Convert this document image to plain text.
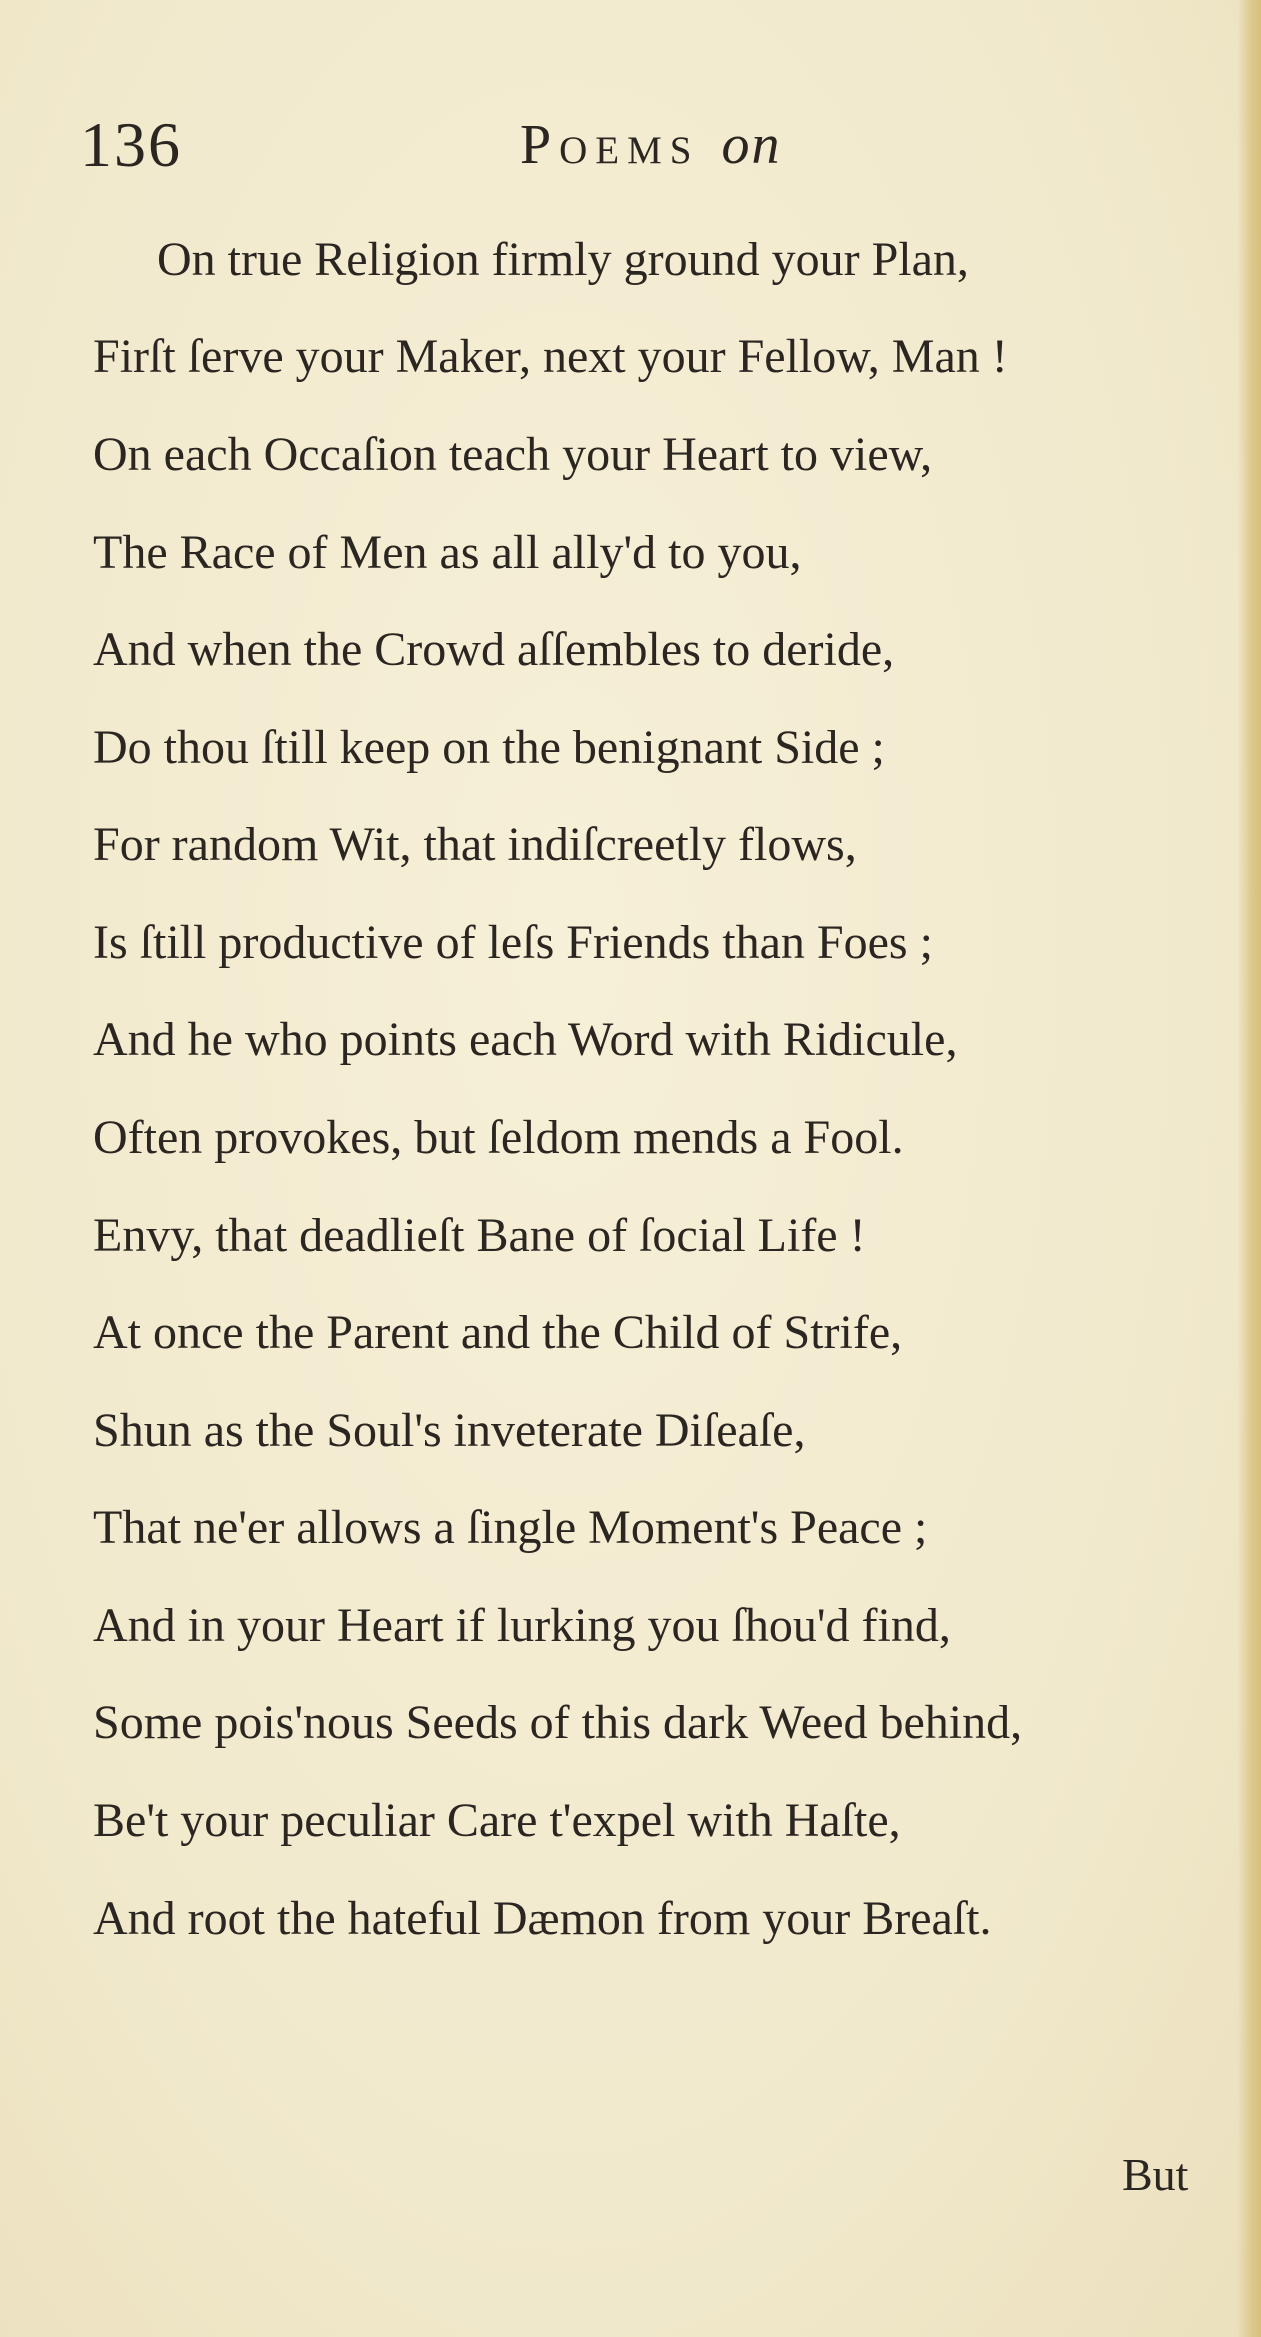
136	Poems on
On true Religion firmly ground your Plan,
Firſt ſerve your Maker, next your Fellow, Man !
On each Occaſion teach your Heart to view,
The Race of Men as all ally'd to you,
And when the Crowd aſſembles to deride,
Do thou ſtill keep on the benignant Side ;
For random Wit, that indiſcreetly flows,
Is ſtill productive of leſs Friends than Foes ;
And he who points each Word with Ridicule,
Often provokes, but ſeldom mends a Fool.
Envy, that deadlieſt Bane of ſocial Life !
At once the Parent and the Child of Strife,
Shun as the Soul's inveterate Diſeaſe,
That ne'er allows a ſingle Moment's Peace ;
And in your Heart if lurking you ſhou'd find,
Some pois'nous Seeds of this dark Weed behind,
Be't your peculiar Care t'expel with Haſte,
And root the hateful Dæmon from your Breaſt.
But
